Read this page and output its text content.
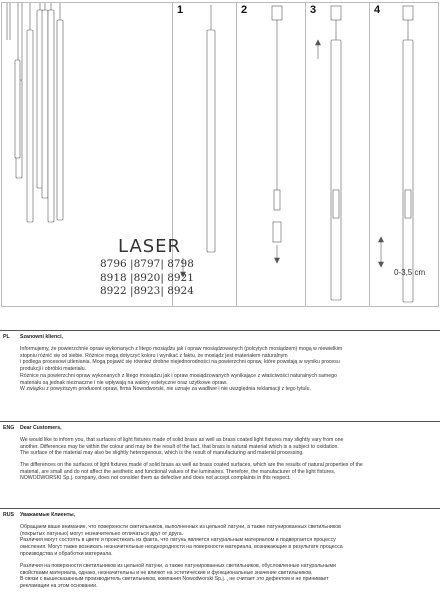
1	2	3	4
LASER
8796 |8797| 8798
8918 |8920| 8921
8922 |8923| 8924
0-3,5 cm
PL Szanowni klienci,

Informujemy, że powierzchnie opraw wykonanych z litego mosiądzu jak i opraw mosiądzowanych (polcytych mosiądzem) mogą w niewielkim

stopniu różnić się od siebie. Różnice mogą dotyczyć koloru i wynikać z faktu, że mosiądz jest materiałem naturalnym

i podlega procesowi utleniania. Mogą pojawić się również drobne niejednorodności na powierzchni opraw, które powstają w wyniku procesu

produkcji i obróbki materiału.

Różnice na powierzchni opraw wykonanych z litego mosiądzu jak i opraw mosiądzowanych wynikające z właściwości naturalnych samego

materiału są jednak nieznaczne i nie wpływają na walory estetyczne oraz użytkowe opraw.

W związku z powyższym producent opraw, firma Nowodworski, nie uznaje za wadliwe i nie uwzględnia reklamacji z tego tytułu.

ENG Dear Customers,

We would like to inform you, that surfaces of light fixtures made of solid brass as well as brass coated light fixtures may slightly vary from one

another. Differences may be within the colour and may be the result of the fact, that brass is natural material which is a subject to oxidation.

The surface of the material may also be slightly heterogenous, which is the result of manufacturing and material processing.

The differences on the surfaces of light fixtures made of solid brass as well as brass coated surfaces, which are the results of natural properties of the

material, are small and do not affect the aesthetic and functional values of the luminaires. Therefore, the manufacturer of the light fixtures,

NOWODWORSKI Sp.j. company, does not consider them as defective and does not accept complaints in this respect.

RUS Уважаемые Клиенты,

Обращаем ваше внимание, что поверхности светильников, выполненных из цельной латуни, а также латунированных светильников

(покрытых латунью) могут незначительно отличаться друг от друга.

Различия могут состоять в цвете и проистекать из факта, что латунь является натуральным материалом и подвергается процессу

окисления. Могут также возникать незначительные неоднородности на поверхности материала, возникающие в результате процесса

производства и обработки материала.

Различия на поверхности светильников из цельной латуни, а также латунированных светильников, обусловленные натуральными

свойствами материала, однако, незначительны и не влияют на эстетические и функциональные значение светильников.

В связи с вышесказанным производитель светильников, компания Nowodworski Sp.j. , не считает это дефектом и не принимает

рекламации на этом основании.
